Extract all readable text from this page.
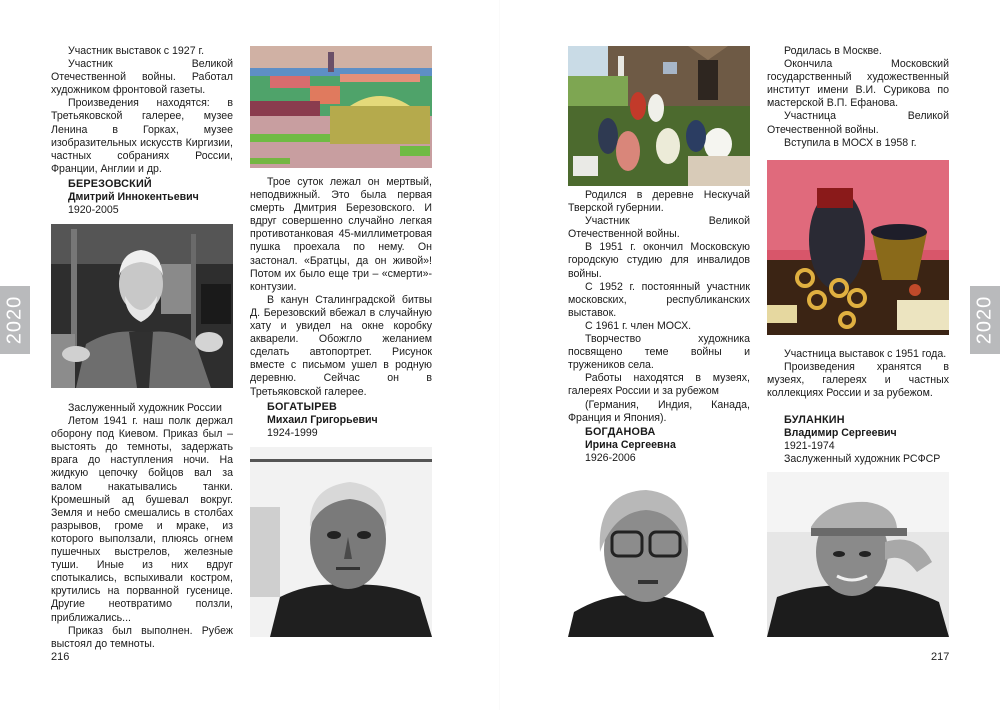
2020

Участник выставок с 1927 г.

Участник Великой Отечественной войны. Работал художником фронтовой газеты.

Произведения находятся: в Третьяковской галерее, музее Ленина в Горках, музее изобразительных искусств Киргизии, частных собраниях России, Франции, Англии и др.

БЕРЕЗОВСКИЙ
Дмитрий Иннокентьевич
1920-2005

Заслуженный художник России

Летом 1941 г. наш полк держал оборону под Киевом. Приказ был – выстоять до темноты, задержать врага до наступления ночи. На жидкую цепочку бойцов вал за валом накатывались танки. Кромешный ад бушевал вокруг. Земля и небо смешались в столбах разрывов, громе и мраке, из которого выползали, плюясь огнем пушечных выстрелов, железные туши. Иные из них вдруг спотыкались, вспыхивали костром, крутились на порванной гусенице. Другие неотвратимо ползли, приближались...

Приказ был выполнен. Рубеж выстоял до темноты.

Трое суток лежал он мертвый, неподвижный. Это была первая смерть Дмитрия Березовского. И вдруг совершенно случайно легкая противотанковая 45-миллиметровая пушка проехала по нему. Он застонал. «Братцы, да он живой»! Потом их было еще три – «смерти»-контузии.

В канун Сталинградской битвы Д. Березовский вбежал в случайную хату и увидел на окне коробку акварели. Обожгло желанием сделать автопортрет. Рисунок вместе с письмом ушел в родную деревню. Сейчас он в Третьяковской галерее.

БОГАТЫРЕВ
Михаил Григорьевич
1924-1999
216

Родился в деревне Нескучай Тверской губернии.

Участник Великой Отечественной войны.

В 1951 г. окончил Московскую городскую студию для инвалидов войны.

С 1952 г. постоянный участник московских, республиканских выставок.

С 1961 г. член МОСХ.

Творчество художника посвящено теме войны и тружеников села.

Работы находятся в музеях, галереях России и за рубежом

(Германия, Индия, Канада, Франция и Япония).

БОГДАНОВА
Ирина Сергеевна
1926-2006

Родилась в Москве.

Окончила Московский государственный художественный институт имени В.И. Сурикова по мастерской В.П. Ефанова.

Участница Великой Отечественной войны.

Вступила в МОСХ в 1958 г.

Участница выставок с 1951 года.

Произведения хранятся в музеях, галереях и частных коллекциях России и за рубежом.

БУЛАНКИН
Владимир Сергеевич
1921-1974
Заслуженный художник РСФСР
2020
217
